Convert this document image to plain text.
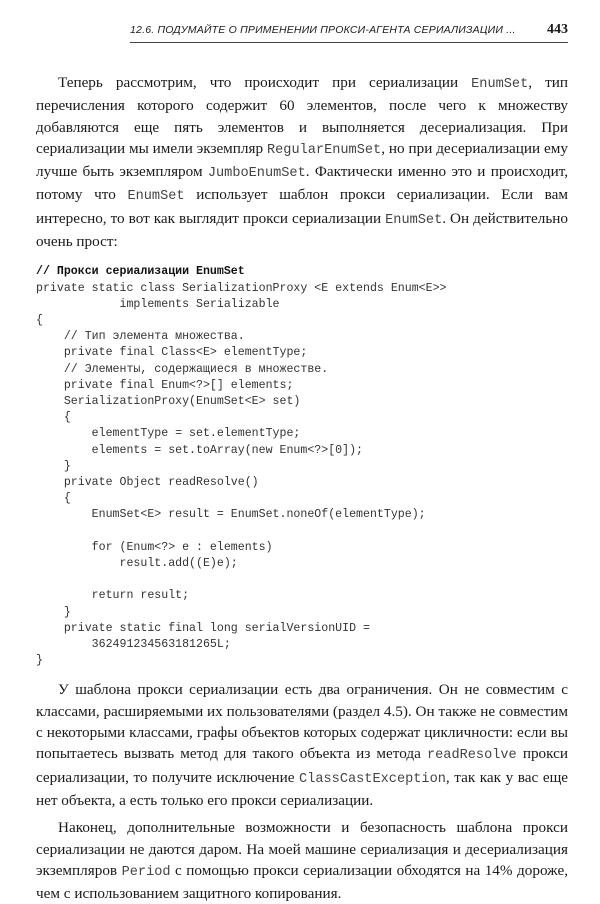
12.6. ПОДУМАЙТЕ О ПРИМЕНЕНИИ ПРОКСИ-АГЕНТА СЕРИАЛИЗАЦИИ ... 443

Теперь рассмотрим, что происходит при сериализации EnumSet, тип перечисления которого содержит 60 элементов, после чего к множеству добавляются еще пять элементов и выполняется десериализация. При сериализации мы имели экземпляр RegularEnumSet, но при десериализации ему лучше быть экземпляром JumboEnumSet. Фактически именно это и происходит, потому что EnumSet использует шаблон прокси сериализации. Если вам интересно, то вот как выглядит прокси сериализации EnumSet. Он действительно очень прост:

// Прокси сериализации EnumSet
private static class SerializationProxy <E extends Enum<E>>
implements Serializable
{
// Тип элемента множества.
private final Class<E> elementType;
// Элементы, содержащиеся в множестве.
private final Enum<?>[] elements;
SerializationProxy(EnumSet<E> set)
{
elementType = set.elementType;
elements = set.toArray(new Enum<?>[0]);
}
private Object readResolve()
{
EnumSet<E> result = EnumSet.noneOf(elementType);

for (Enum<?> e : elements)
result.add((E)e);

return result;
}
private static final long serialVersionUID =
362491234563181265L;
}

У шаблона прокси сериализации есть два ограничения. Он не совместим с классами, расширяемыми их пользователями (раздел 4.5). Он также не совместим с некоторыми классами, графы объектов которых содержат цикличности: если вы попытаетесь вызвать метод для такого объекта из метода readResolve прокси сериализации, то получите исключение ClassCastException, так как у вас еще нет объекта, а есть только его прокси сериализации.

Наконец, дополнительные возможности и безопасность шаблона прокси сериализации не даются даром. На моей машине сериализация и десериализация экземпляров Period с помощью прокси сериализации обходятся на 14% дороже, чем с использованием защитного копирования.
